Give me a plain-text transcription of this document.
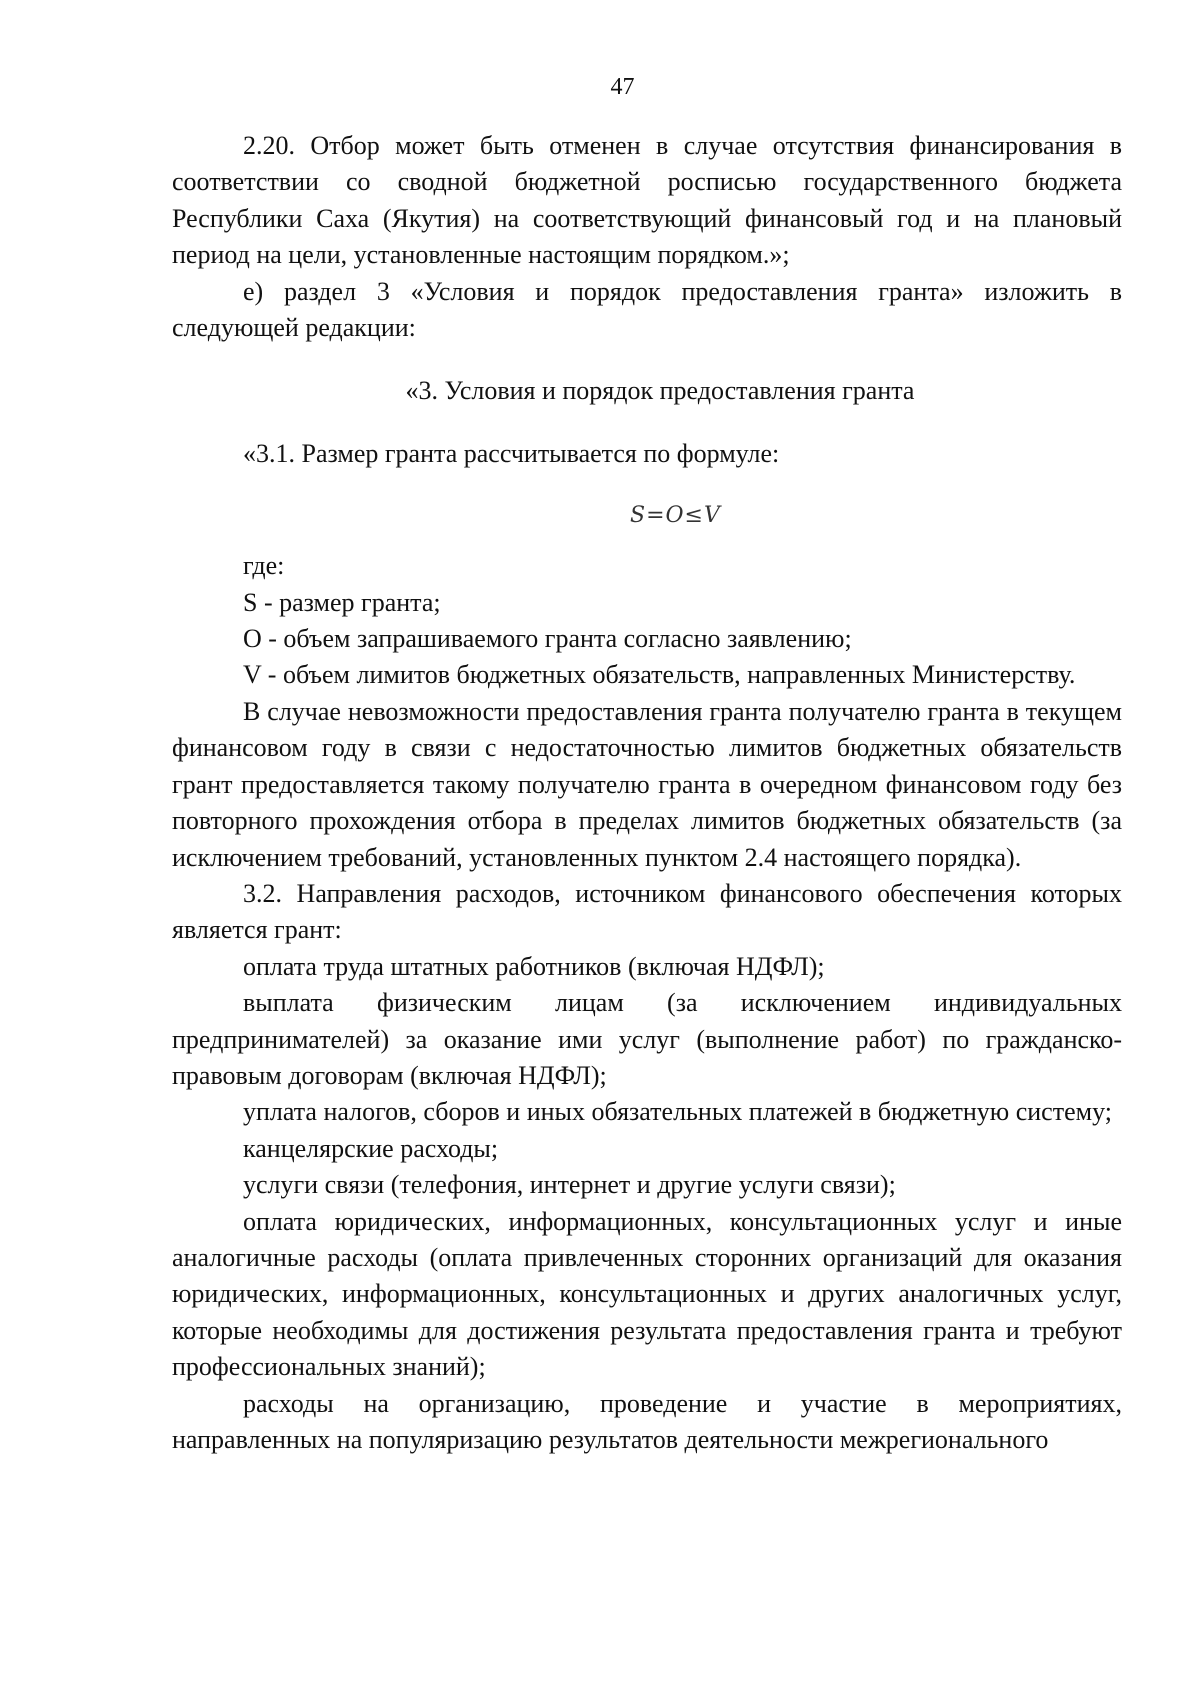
47

2.20. Отбор может быть отменен в случае отсутствия финансирования в соответствии со сводной бюджетной росписью государственного бюджета Республики Саха (Якутия) на соответствующий финансовый год и на плановый период на цели, установленные настоящим порядком.»;

е) раздел 3 «Условия и порядок предоставления гранта» изложить в следующей редакции:

«3. Условия и порядок предоставления гранта

«3.1. Размер гранта рассчитывается по формуле:

S=O≤V

где:

S - размер гранта;

О - объем запрашиваемого гранта согласно заявлению;

V - объем лимитов бюджетных обязательств, направленных Министерству.

В случае невозможности предоставления гранта получателю гранта в текущем финансовом году в связи с недостаточностью лимитов бюджетных обязательств грант предоставляется такому получателю гранта в очередном финансовом году без повторного прохождения отбора в пределах лимитов бюджетных обязательств (за исключением требований, установленных пунктом 2.4 настоящего порядка).

3.2. Направления расходов, источником финансового обеспечения которых является грант:

оплата труда штатных работников (включая НДФЛ);

выплата физическим лицам (за исключением индивидуальных предпринимателей) за оказание ими услуг (выполнение работ) по гражданско-правовым договорам (включая НДФЛ);

уплата налогов, сборов и иных обязательных платежей в бюджетную систему;

канцелярские расходы;

услуги связи (телефония, интернет и другие услуги связи);

оплата юридических, информационных, консультационных услуг и иные аналогичные расходы (оплата привлеченных сторонних организаций для оказания юридических, информационных, консультационных и других аналогичных услуг, которые необходимы для достижения результата предоставления гранта и требуют профессиональных знаний);

расходы на организацию, проведение и участие в мероприятиях, направленных на популяризацию результатов деятельности межрегионального
